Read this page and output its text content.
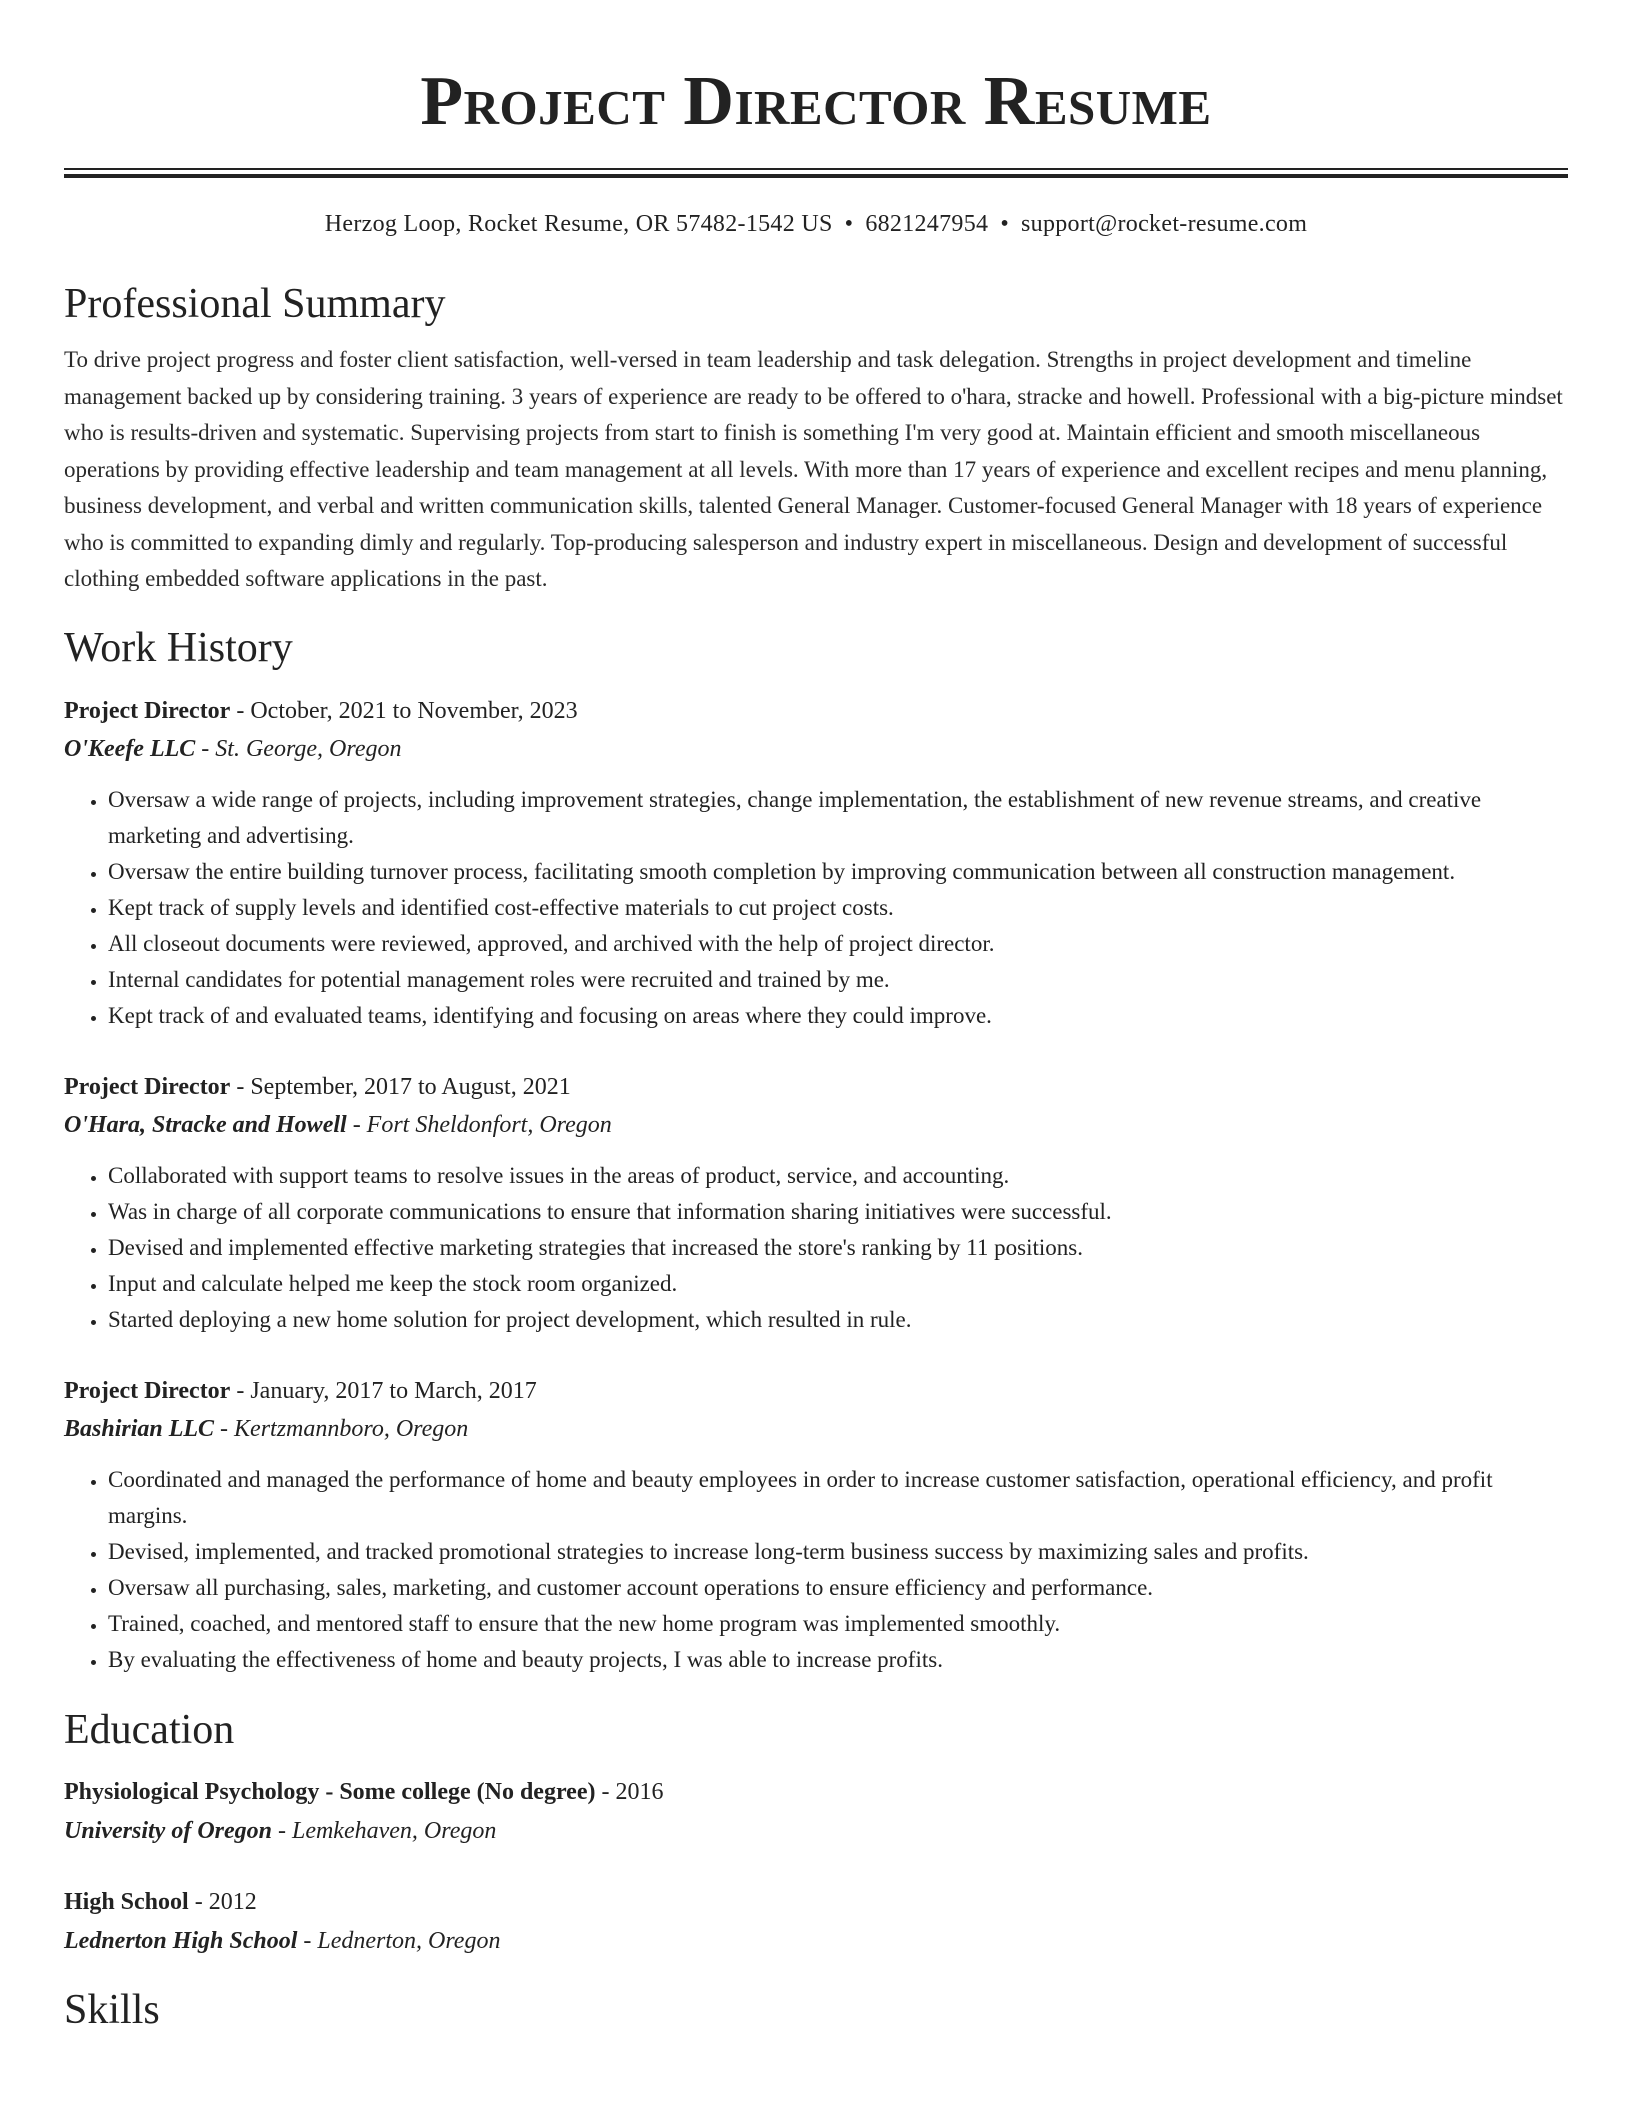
Project Director Resume
Herzog Loop, Rocket Resume, OR 57482-1542 US • 6821247954 • support@rocket-resume.com
Professional Summary

To drive project progress and foster client satisfaction, well-versed in team leadership and task delegation. Strengths in project development and timeline management backed up by considering training. 3 years of experience are ready to be offered to o'hara, stracke and howell. Professional with a big-picture mindset who is results-driven and systematic. Supervising projects from start to finish is something I'm very good at. Maintain efficient and smooth miscellaneous operations by providing effective leadership and team management at all levels. With more than 17 years of experience and excellent recipes and menu planning, business development, and verbal and written communication skills, talented General Manager. Customer-focused General Manager with 18 years of experience who is committed to expanding dimly and regularly. Top-producing salesperson and industry expert in miscellaneous. Design and development of successful clothing embedded software applications in the past.

Work History
Project Director - October, 2021 to November, 2023
O'Keefe LLC - St. George, Oregon
• Oversaw a wide range of projects, including improvement strategies, change implementation, the establishment of new revenue streams, and creative marketing and advertising.
• Oversaw the entire building turnover process, facilitating smooth completion by improving communication between all construction management.
• Kept track of supply levels and identified cost-effective materials to cut project costs.
• All closeout documents were reviewed, approved, and archived with the help of project director.
• Internal candidates for potential management roles were recruited and trained by me.
• Kept track of and evaluated teams, identifying and focusing on areas where they could improve.
Project Director - September, 2017 to August, 2021
O'Hara, Stracke and Howell - Fort Sheldonfort, Oregon
• Collaborated with support teams to resolve issues in the areas of product, service, and accounting.
• Was in charge of all corporate communications to ensure that information sharing initiatives were successful.
• Devised and implemented effective marketing strategies that increased the store's ranking by 11 positions.
• Input and calculate helped me keep the stock room organized.
• Started deploying a new home solution for project development, which resulted in rule.
Project Director - January, 2017 to March, 2017
Bashirian LLC - Kertzmannboro, Oregon
• Coordinated and managed the performance of home and beauty employees in order to increase customer satisfaction, operational efficiency, and profit margins.
• Devised, implemented, and tracked promotional strategies to increase long-term business success by maximizing sales and profits.
• Oversaw all purchasing, sales, marketing, and customer account operations to ensure efficiency and performance.
• Trained, coached, and mentored staff to ensure that the new home program was implemented smoothly.
• By evaluating the effectiveness of home and beauty projects, I was able to increase profits.
Education
Physiological Psychology - Some college (No degree) - 2016
University of Oregon - Lemkehaven, Oregon
High School - 2012
Lednerton High School - Lednerton, Oregon
Skills
